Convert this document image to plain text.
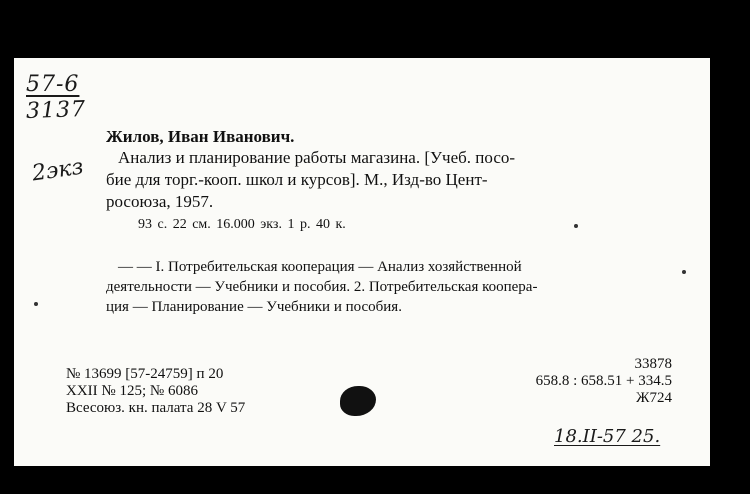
57-6
3137
2экз
Жилов, Иван Иванович.
Анализ и планирование работы магазина. [Учеб. посо-
бие для торг.-кооп. школ и курсов]. М., Изд-во Цент-
росоюза, 1957.
93 с. 22 см. 16.000 экз. 1 р. 40 к.
— — I. Потребительская кооперация — Анализ хозяйственной
деятельности — Учебники и пособия. 2. Потребительская коопера-
ция — Планирование — Учебники и пособия.
№ 13699 [57-24759] п 20
XXII № 125; № 6086
Всесоюз. кн. палата 28 V 57
33878
658.8 : 658.51 + 334.5
Ж724
18.II-57 25.
